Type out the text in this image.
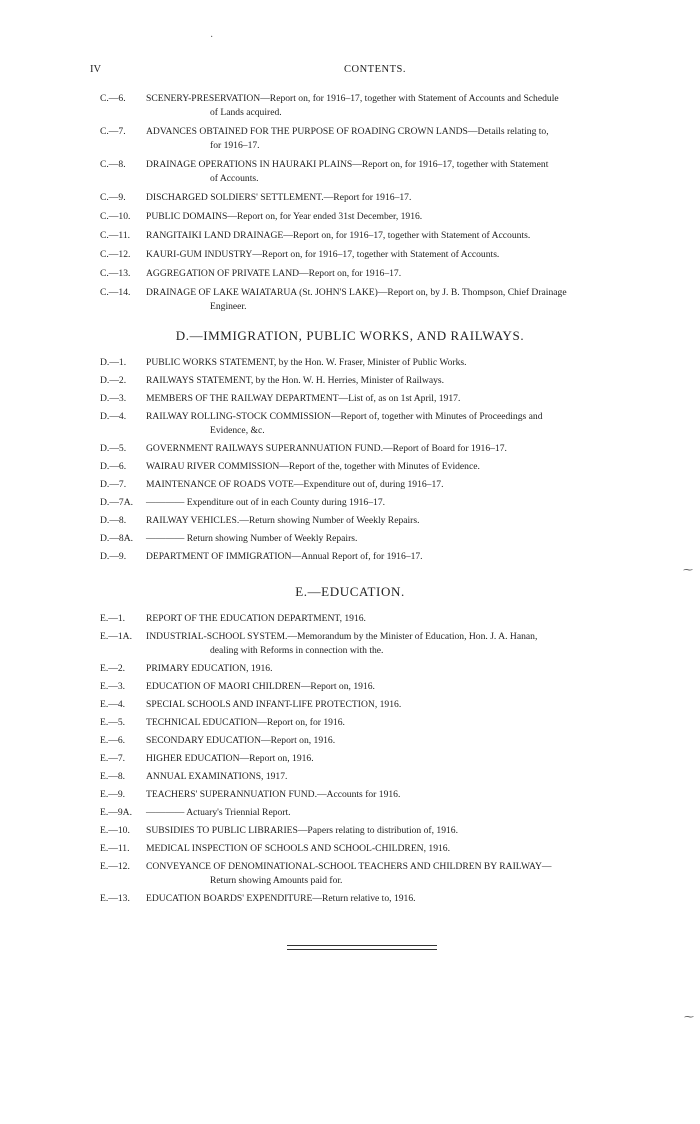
IV	CONTENTS.
C.—6. SCENERY-PRESERVATION—Report on, for 1916–17, together with Statement of Accounts and Schedule
of Lands acquired.
C.—7. ADVANCES OBTAINED FOR THE PURPOSE OF ROADING CROWN LANDS—Details relating to,
for 1916–17.
C.—8. DRAINAGE OPERATIONS IN HAURAKI PLAINS—Report on, for 1916–17, together with Statement
of Accounts.
C.—9. DISCHARGED SOLDIERS' SETTLEMENT.—Report for 1916–17.
C.—10. PUBLIC DOMAINS—Report on, for Year ended 31st December, 1916.
C.—11. RANGITAIKI LAND DRAINAGE—Report on, for 1916–17, together with Statement of Accounts.
C.—12. KAURI-GUM INDUSTRY—Report on, for 1916–17, together with Statement of Accounts.
C.—13. AGGREGATION OF PRIVATE LAND—Report on, for 1916–17.
C.—14. DRAINAGE OF LAKE WAIATARUA (St. JOHN'S LAKE)—Report on, by J. B. Thompson, Chief Drainage
Engineer.
D.—IMMIGRATION, PUBLIC WORKS, AND RAILWAYS.
D.—1. PUBLIC WORKS STATEMENT, by the Hon. W. Fraser, Minister of Public Works.
D.—2. RAILWAYS STATEMENT, by the Hon. W. H. Herries, Minister of Railways.
D.—3. MEMBERS OF THE RAILWAY DEPARTMENT—List of, as on 1st April, 1917.
D.—4. RAILWAY ROLLING-STOCK COMMISSION—Report of, together with Minutes of Proceedings and
Evidence, &c.
D.—5. GOVERNMENT RAILWAYS SUPERANNUATION FUND.—Report of Board for 1916–17.
D.—6. WAIRAU RIVER COMMISSION—Report of the, together with Minutes of Evidence.
D.—7. MAINTENANCE OF ROADS VOTE—Expenditure out of, during 1916–17.
D.—7A. ———— Expenditure out of in each County during 1916–17.
D.—8. RAILWAY VEHICLES.—Return showing Number of Weekly Repairs.
D.—8A. ———— Return showing Number of Weekly Repairs.
D.—9. DEPARTMENT OF IMMIGRATION—Annual Report of, for 1916–17.
E.—EDUCATION.
E.—1. REPORT OF THE EDUCATION DEPARTMENT, 1916.
E.—1A. INDUSTRIAL-SCHOOL SYSTEM.—Memorandum by the Minister of Education, Hon. J. A. Hanan,
dealing with Reforms in connection with the.
E.—2. PRIMARY EDUCATION, 1916.
E.—3. EDUCATION OF MAORI CHILDREN—Report on, 1916.
E.—4. SPECIAL SCHOOLS AND INFANT-LIFE PROTECTION, 1916.
E.—5. TECHNICAL EDUCATION—Report on, for 1916.
E.—6. SECONDARY EDUCATION—Report on, 1916.
E.—7. HIGHER EDUCATION—Report on, 1916.
E.—8. ANNUAL EXAMINATIONS, 1917.
E.—9. TEACHERS' SUPERANNUATION FUND.—Accounts for 1916.
E.—9A. ———— Actuary's Triennial Report.
E.—10. SUBSIDIES TO PUBLIC LIBRARIES—Papers relating to distribution of, 1916.
E.—11. MEDICAL INSPECTION OF SCHOOLS AND SCHOOL-CHILDREN, 1916.
E.—12. CONVEYANCE OF DENOMINATIONAL-SCHOOL TEACHERS AND CHILDREN BY RAILWAY—
Return showing Amounts paid for.
E.—13. EDUCATION BOARDS' EXPENDITURE—Return relative to, 1916.
·
⁓
⁓
